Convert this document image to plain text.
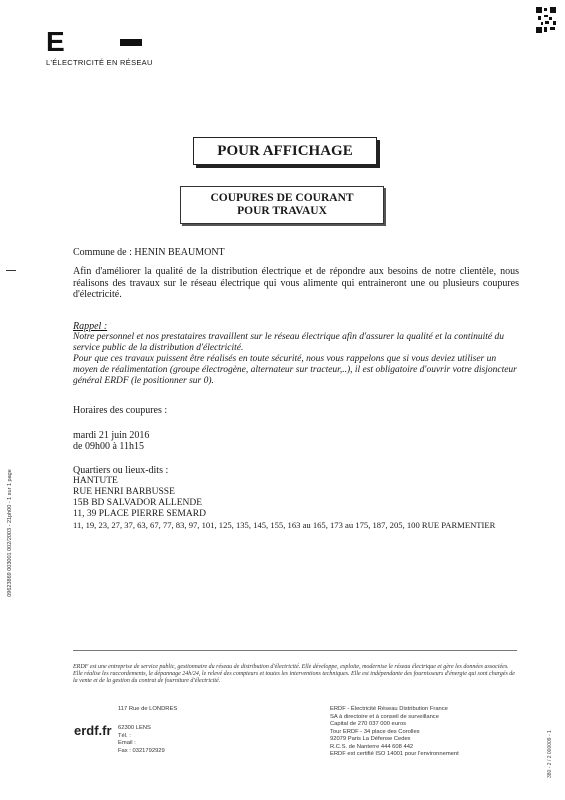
E
L'ÉLECTRICITÉ EN RÉSEAU
POUR AFFICHAGE
COUPURES DE COURANT
POUR TRAVAUX
Commune de : HENIN BEAUMONT
Afin d'améliorer la qualité de la distribution électrique et de répondre aux besoins de notre clientèle, nous réalisons des travaux sur le réseau électrique qui vous alimente qui entraineront une ou plusieurs coupures d'électricité.
Rappel :
Notre personnel et nos prestataires travaillent sur le réseau électrique afin d'assurer la qualité et la continuité du service public de la distribution d'électricité.
Pour que ces travaux puissent être réalisés en toute sécurité, nous vous rappelons que si vous deviez utiliser un moyen de réalimentation (groupe électrogène, alternateur sur tracteur,..), il est obligatoire d'ouvrir votre disjoncteur général ERDF (le positionner sur 0).
Horaires des coupures :
mardi 21 juin 2016
de 09h00 à 11h15
Quartiers ou lieux-dits :
HANTUTE
RUE HENRI BARBUSSE
15B BD SALVADOR ALLENDE
11, 39 PLACE PIERRE SEMARD
11, 19, 23, 27, 37, 63, 67, 77, 83, 97, 101, 125, 135, 145, 155, 163 au 165, 173 au 175, 187, 205, 100 RUE PARMENTIER
09623869 003001 002/2003 - 21ph00 - 1 sur 1 page
ERDF est une entreprise de service public, gestionnaire du réseau de distribution d'électricité. Elle développe, exploite, modernise le réseau électrique et gère les données associées. Elle réalise les raccordements, le dépannage 24h/24, le relevé des compteurs et toutes les interventions techniques. Elle est indépendante des fournisseurs d'énergie qui sont chargés de la vente et de la gestion du contrat de fourniture d'électricité.
erdf.fr
117 Rue de LONDRES
62300 LENS
Tél. :
Email :
Fax : 0321792929
ERDF - Électricité Réseau Distribution France
SA à directoire et à conseil de surveillance
Capital de 270 037 000 euros
Tour ERDF - 34 place des Corolles
92079 Paris La Défense Cedex
R.C.S. de Nanterre 444 608 442
ERDF est certifié ISO 14001 pour l'environnement	380 - 2 / 2 000009 - 1
